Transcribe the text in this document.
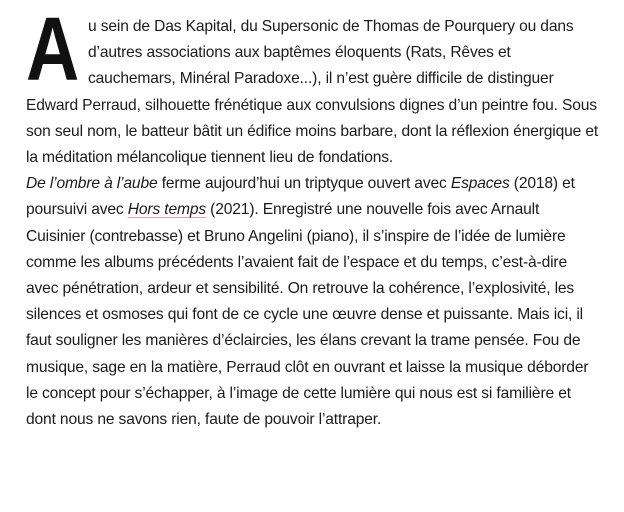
Au sein de Das Kapital, du Supersonic de Thomas de Pourquery ou dans d’autres associations aux baptêmes éloquents (Rats, Rêves et cauchemars, Minéral Paradoxe...), il n’est guère difficile de distinguer Edward Perraud, silhouette frénétique aux convulsions dignes d’un peintre fou. Sous son seul nom, le batteur bâtit un édifice moins barbare, dont la réflexion énergique et la méditation mélancolique tiennent lieu de fondations.

De l’ombre à l’aube ferme aujourd’hui un triptyque ouvert avec Espaces (2018) et poursuivi avec Hors temps (2021). Enregistré une nouvelle fois avec Arnault Cuisinier (contrebasse) et Bruno Angelini (piano), il s’inspire de l’idée de lumière comme les albums précédents l’avaient fait de l’espace et du temps, c’est-à-dire avec pénétration, ardeur et sensibilité. On retrouve la cohérence, l’explosivité, les silences et osmoses qui font de ce cycle une œuvre dense et puissante. Mais ici, il faut souligner les manières d’éclaircies, les élans crevant la trame pensée. Fou de musique, sage en la matière, Perraud clôt en ouvrant et laisse la musique déborder le concept pour s’échapper, à l’image de cette lumière qui nous est si familière et dont nous ne savons rien, faute de pouvoir l’attraper.
